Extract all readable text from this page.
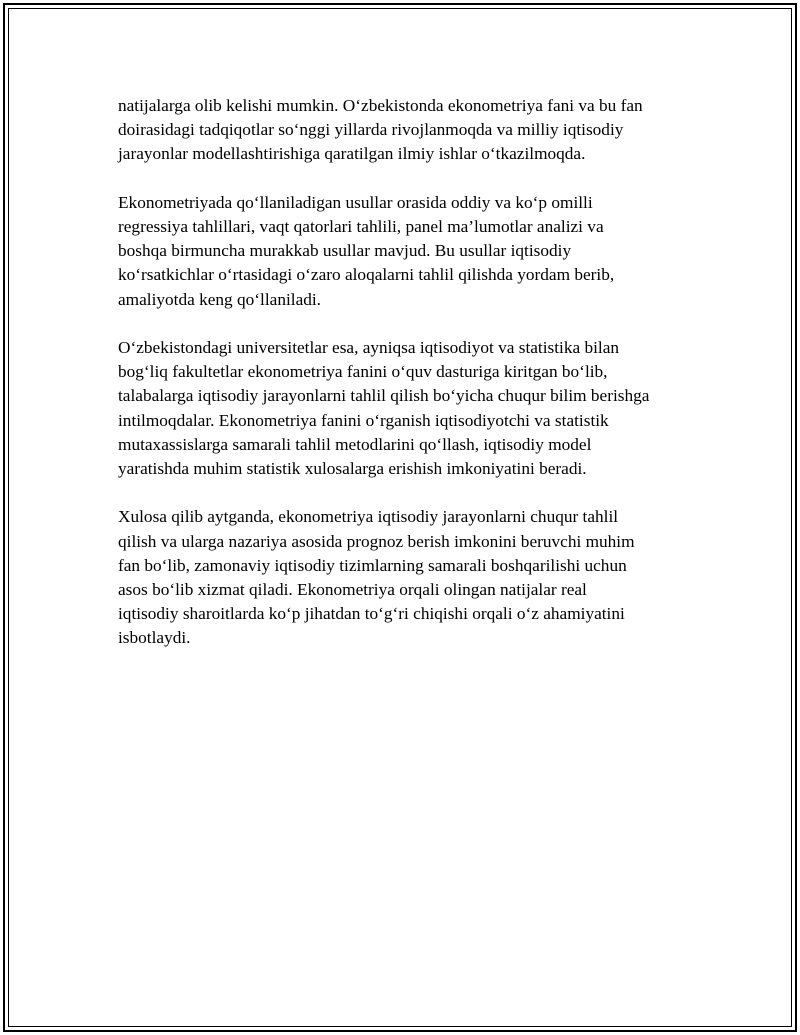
natijalarga olib kelishi mumkin. O‘zbekistonda ekonometriya fani va bu fan
doirasidagi tadqiqotlar so‘nggi yillarda rivojlanmoqda va milliy iqtisodiy
jarayonlar modellashtirishiga qaratilgan ilmiy ishlar o‘tkazilmoqda.

Ekonometriyada qo‘llaniladigan usullar orasida oddiy va ko‘p omilli
regressiya tahlillari, vaqt qatorlari tahlili, panel ma’lumotlar analizi va
boshqa birmuncha murakkab usullar mavjud. Bu usullar iqtisodiy
ko‘rsatkichlar o‘rtasidagi o‘zaro aloqalarni tahlil qilishda yordam berib,
amaliyotda keng qo‘llaniladi.

O‘zbekistondagi universitetlar esa, ayniqsa iqtisodiyot va statistika bilan
bog‘liq fakultetlar ekonometriya fanini o‘quv dasturiga kiritgan bo‘lib,
talabalarga iqtisodiy jarayonlarni tahlil qilish bo‘yicha chuqur bilim berishga
intilmoqdalar. Ekonometriya fanini o‘rganish iqtisodiyotchi va statistik
mutaxassislarga samarali tahlil metodlarini qo‘llash, iqtisodiy model
yaratishda muhim statistik xulosalarga erishish imkoniyatini beradi.

Xulosa qilib aytganda, ekonometriya iqtisodiy jarayonlarni chuqur tahlil
qilish va ularga nazariya asosida prognoz berish imkonini beruvchi muhim
fan bo‘lib, zamonaviy iqtisodiy tizimlarning samarali boshqarilishi uchun
asos bo‘lib xizmat qiladi. Ekonometriya orqali olingan natijalar real
iqtisodiy sharoitlarda ko‘p jihatdan to‘g‘ri chiqishi orqali o‘z ahamiyatini
isbotlaydi.
